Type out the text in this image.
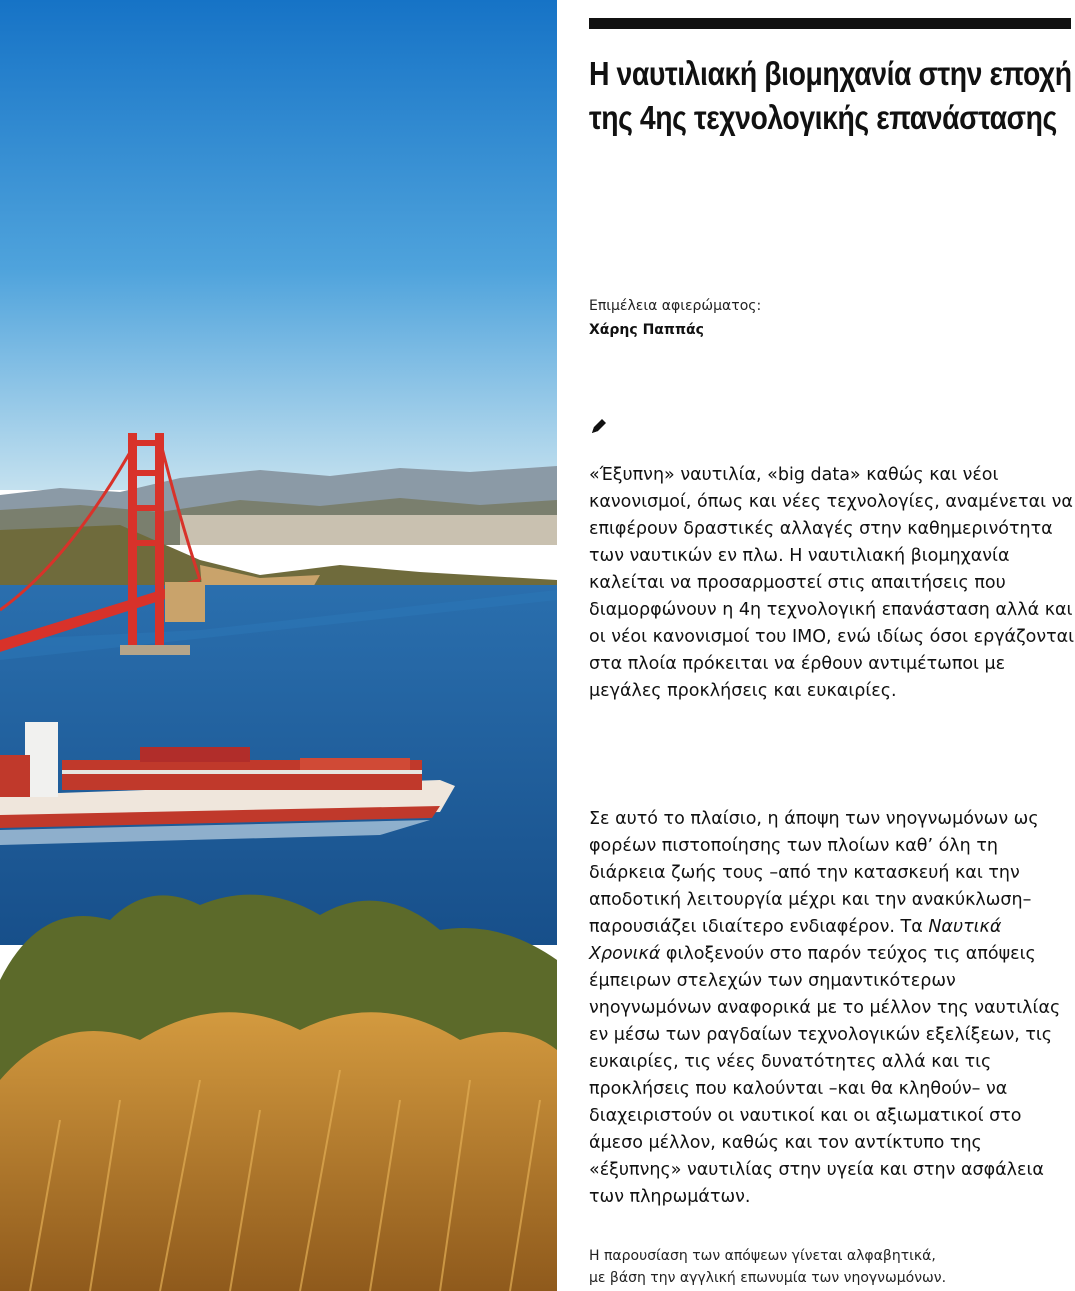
Η ναυτιλιακή βιομηχανία στην εποχή
της 4ης τεχνολογικής επανάστασης
Επιμέλεια αφιερώματος:
Χάρης Παππάς

«Έξυπνη» ναυτιλία, «big data» καθώς και νέοι κανονισμοί, όπως και νέες τεχνολογίες, αναμένεται να επιφέρουν δραστικές αλλαγές στην καθημερινότητα των ναυτικών εν πλω. Η ναυτιλιακή βιομηχανία καλείται να προσαρμοστεί στις απαιτήσεις που διαμορφώνουν η 4η τεχνολογική επανάσταση αλλά και οι νέοι κανονισμοί του IMO, ενώ ιδίως όσοι εργάζονται στα πλοία πρόκειται να έρθουν αντιμέτωποι με μεγάλες προκλήσεις και ευκαιρίες.

Σε αυτό το πλαίσιο, η άποψη των νηογνωμόνων ως φορέων πιστοποίησης των πλοίων καθ’ όλη τη διάρκεια ζωής τους –από την κατασκευή και την αποδοτική λειτουργία μέχρι και την ανακύκλωση– παρουσιάζει ιδιαίτερο ενδιαφέρον. Τα Ναυτικά Χρονικά φιλοξενούν στο παρόν τεύχος τις απόψεις έμπειρων στελεχών των σημαντικότερων νηογνωμόνων αναφορικά με το μέλλον της ναυτιλίας εν μέσω των ραγδαίων τεχνολογικών εξελίξεων, τις ευκαιρίες, τις νέες δυνατότητες αλλά και τις προκλήσεις που καλούνται –και θα κληθούν– να διαχειριστούν οι ναυτικοί και οι αξιωματικοί στο άμεσο μέλλον, καθώς και τον αντίκτυπο της «έξυπνης» ναυτιλίας στην υγεία και στην ασφάλεια των πληρωμάτων.

Η παρουσίαση των απόψεων γίνεται αλφαβητικά,
με βάση την αγγλική επωνυμία των νηογνωμόνων.
